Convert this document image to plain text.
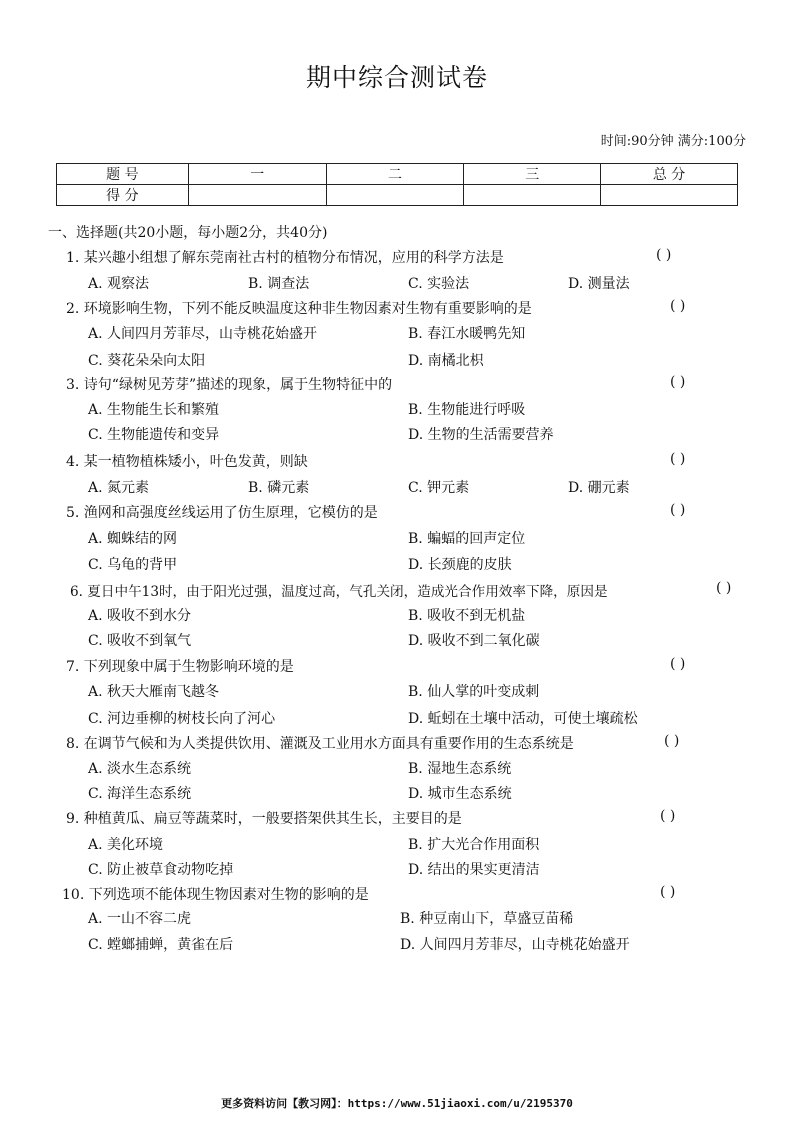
期中综合测试卷
时间:90分钟 满分:100分
题 号	一	二	三	总 分
得 分				
一、选择题(共20小题，每小题2分，共40分)
1. 某兴趣小组想了解东莞南社古村的植物分布情况，应用的科学方法是	( )
A. 观察法	B. 调查法	C. 实验法	D. 测量法
2. 环境影响生物，下列不能反映温度这种非生物因素对生物有重要影响的是	( )
A. 人间四月芳菲尽，山寺桃花始盛开	B. 春江水暖鸭先知
C. 葵花朵朵向太阳	D. 南橘北枳
3. 诗句“绿树见芳芽”描述的现象，属于生物特征中的	( )
A. 生物能生长和繁殖	B. 生物能进行呼吸
C. 生物能遗传和变异	D. 生物的生活需要营养
4. 某一植物植株矮小，叶色发黄，则缺	( )
A. 氮元素	B. 磷元素	C. 钾元素	D. 硼元素
5. 渔网和高强度丝线运用了仿生原理，它模仿的是	( )
A. 蜘蛛结的网	B. 蝙蝠的回声定位
C. 乌龟的背甲	D. 长颈鹿的皮肤
6. 夏日中午13时，由于阳光过强，温度过高，气孔关闭，造成光合作用效率下降，原因是	( )
A. 吸收不到水分	B. 吸收不到无机盐
C. 吸收不到氧气	D. 吸收不到二氧化碳
7. 下列现象中属于生物影响环境的是	( )
A. 秋天大雁南飞越冬	B. 仙人掌的叶变成刺
C. 河边垂柳的树枝长向了河心	D. 蚯蚓在土壤中活动，可使土壤疏松
8. 在调节气候和为人类提供饮用、灌溉及工业用水方面具有重要作用的生态系统是	( )
A. 淡水生态系统	B. 湿地生态系统
C. 海洋生态系统	D. 城市生态系统
9. 种植黄瓜、扁豆等蔬菜时，一般要搭架供其生长，主要目的是	( )
A. 美化环境	B. 扩大光合作用面积
C. 防止被草食动物吃掉	D. 结出的果实更清洁
10. 下列选项不能体现生物因素对生物的影响的是	( )
A. 一山不容二虎	B. 种豆南山下，草盛豆苗稀
C. 螳螂捕蝉，黄雀在后	D. 人间四月芳菲尽，山寺桃花始盛开
更多资料访问【教习网】：https://www.51jiaoxi.com/u/2195370
